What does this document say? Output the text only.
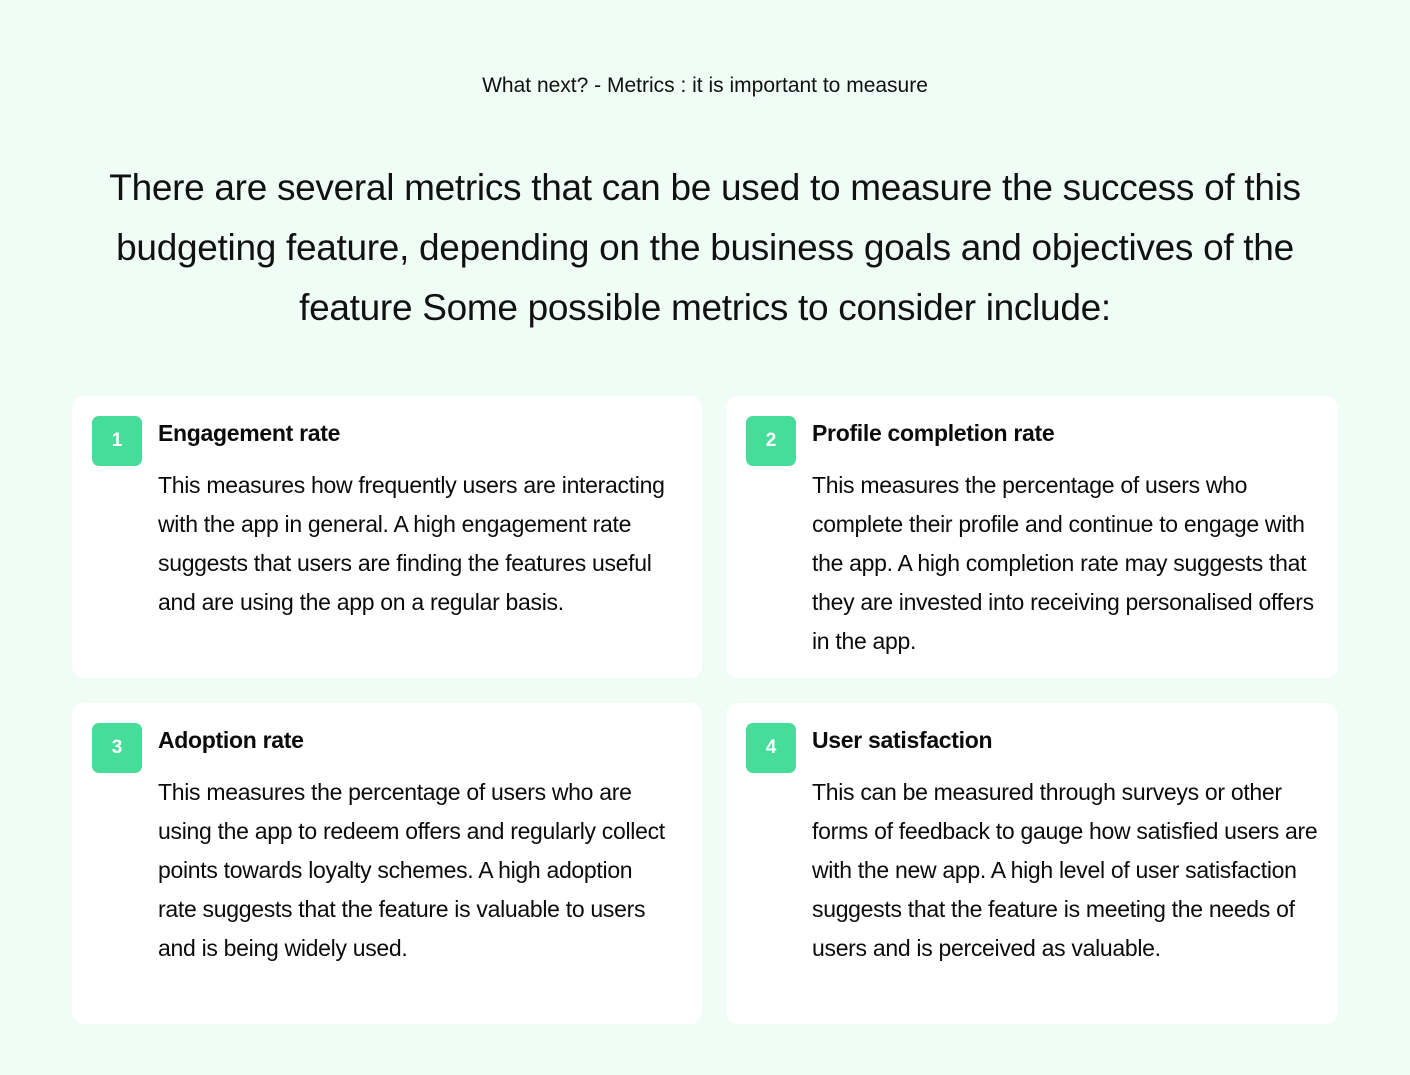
What next? - Metrics : it is important to measure
There are several metrics that can be used to measure the success of this budgeting feature, depending on the business goals and objectives of the feature Some possible metrics to consider include:
1	Engagement rate
This measures how frequently users are interacting with the app in general. A high engagement rate suggests that users are finding the features useful and are using the app on a regular basis.
2	Profile completion rate
This measures the percentage of users who complete their profile and continue to engage with the app. A high completion rate may suggests that they are invested into receiving personalised offers in the app.
3	Adoption rate
This measures the percentage of users who are using the app to redeem offers and regularly collect points towards loyalty schemes. A high adoption rate suggests that the feature is valuable to users and is being widely used.
4	User satisfaction
This can be measured through surveys or other forms of feedback to gauge how satisfied users are with the new app. A high level of user satisfaction suggests that the feature is meeting the needs of users and is perceived as valuable.
